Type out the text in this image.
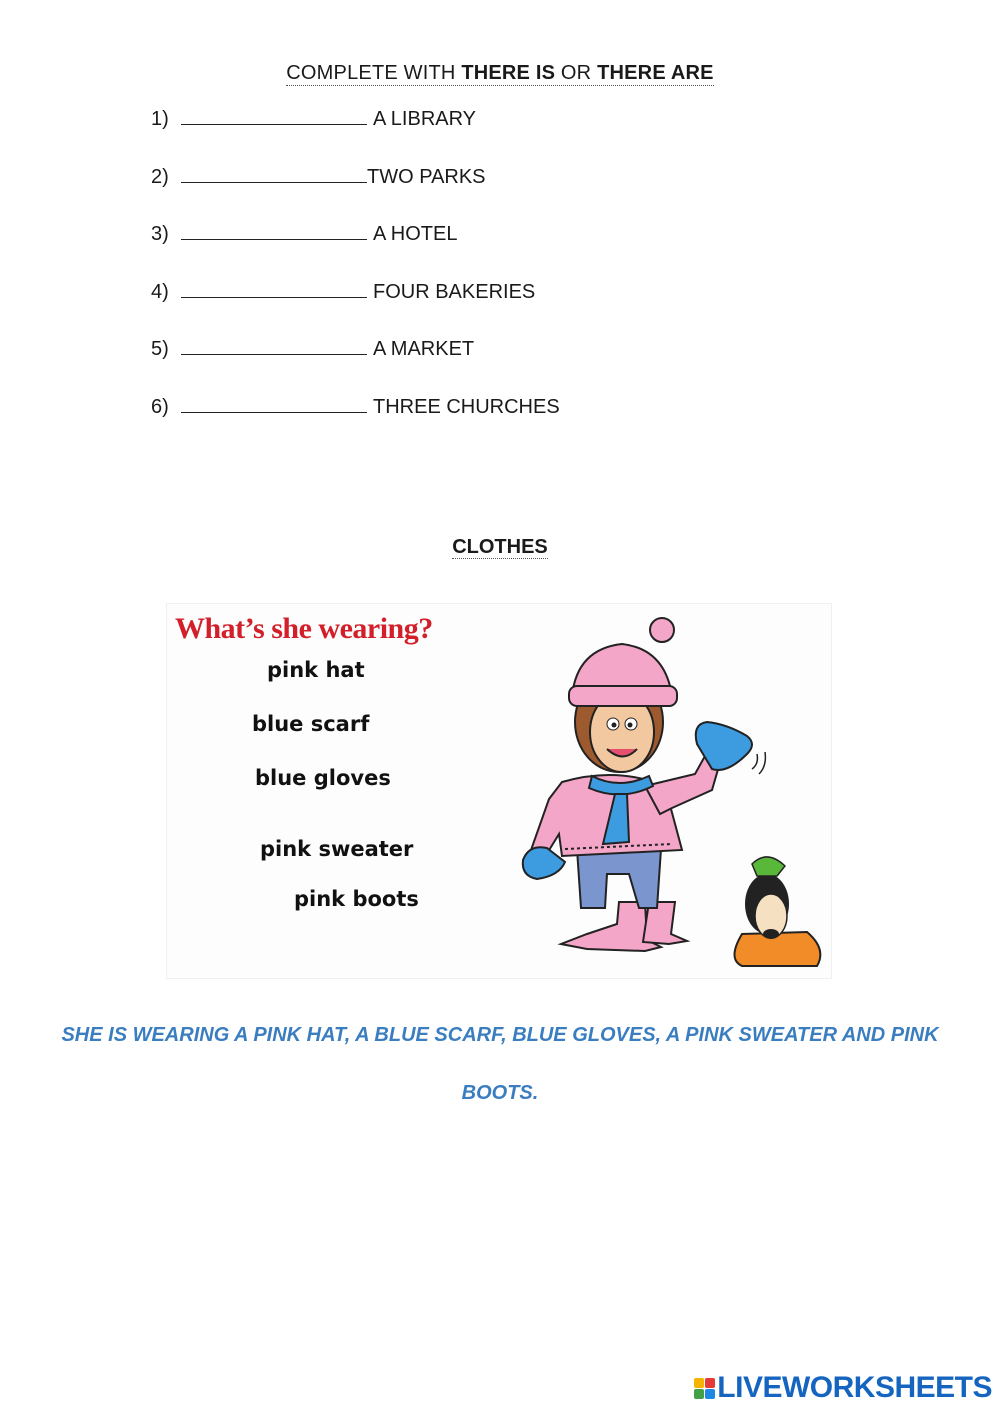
COMPLETE WITH THERE IS OR THERE ARE
1)	A LIBRARY
2)	TWO PARKS
3)	A HOTEL
4)	FOUR BAKERIES
5)	A MARKET
6)	THREE CHURCHES
CLOTHES
What’s she wearing?
pink hat
blue scarf
blue gloves
pink sweater
pink boots
SHE IS WEARING A PINK HAT, A BLUE SCARF, BLUE GLOVES, A PINK SWEATER AND PINK
BOOTS.
LIVEWORKSHEETS
